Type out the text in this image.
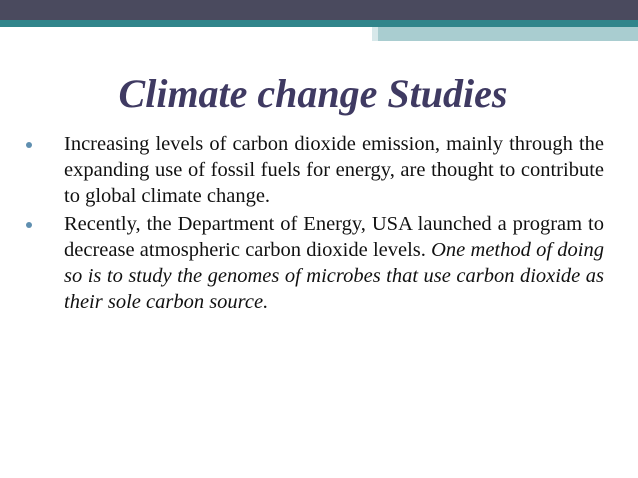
Climate change Studies
Increasing levels of carbon dioxide emission, mainly through the expanding use of fossil fuels for energy, are thought to contribute to global climate change.
Recently, the Department of Energy, USA launched a program to decrease atmospheric carbon dioxide levels. One method of doing so is to study the genomes of microbes that use carbon dioxide as their sole carbon source.
